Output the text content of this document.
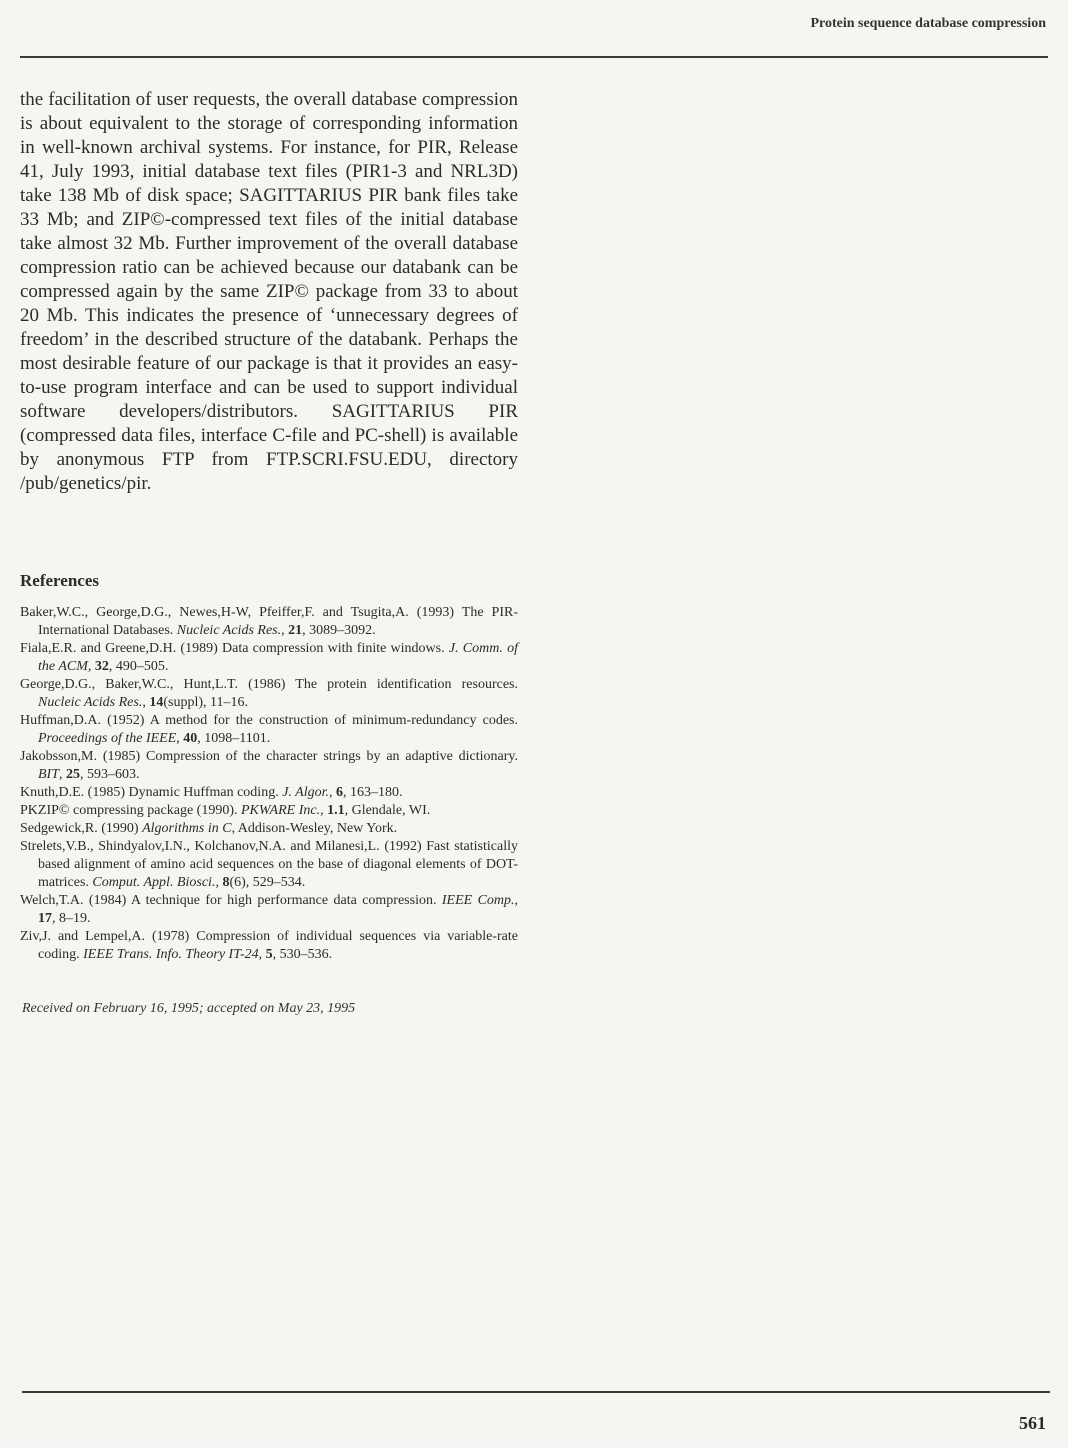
Protein sequence database compression

the facilitation of user requests, the overall database compression is about equivalent to the storage of corresponding information in well-known archival systems. For instance, for PIR, Release 41, July 1993, initial database text files (PIR1-3 and NRL3D) take 138 Mb of disk space; SAGITTARIUS PIR bank files take 33 Mb; and ZIP©-compressed text files of the initial database take almost 32 Mb. Further improvement of the overall database compression ratio can be achieved because our databank can be compressed again by the same ZIP© package from 33 to about 20 Mb. This indicates the presence of ‘unnecessary degrees of freedom’ in the described structure of the databank. Perhaps the most desirable feature of our package is that it provides an easy-to-use program interface and can be used to support individual software developers/distributors. SAGITTARIUS PIR (compressed data files, interface C-file and PC-shell) is available by anonymous FTP from FTP.SCRI.FSU.EDU, directory /pub/genetics/pir.

References
Baker,W.C., George,D.G., Newes,H-W, Pfeiffer,F. and Tsugita,A. (1993) The PIR-International Databases. Nucleic Acids Res., 21, 3089–3092.
Fiala,E.R. and Greene,D.H. (1989) Data compression with finite windows. J. Comm. of the ACM, 32, 490–505.
George,D.G., Baker,W.C., Hunt,L.T. (1986) The protein identification resources. Nucleic Acids Res., 14(suppl), 11–16.
Huffman,D.A. (1952) A method for the construction of minimum-redundancy codes. Proceedings of the IEEE, 40, 1098–1101.
Jakobsson,M. (1985) Compression of the character strings by an adaptive dictionary. BIT, 25, 593–603.
Knuth,D.E. (1985) Dynamic Huffman coding. J. Algor., 6, 163–180.
PKZIP© compressing package (1990). PKWARE Inc., 1.1, Glendale, WI.
Sedgewick,R. (1990) Algorithms in C, Addison-Wesley, New York.
Strelets,V.B., Shindyalov,I.N., Kolchanov,N.A. and Milanesi,L. (1992) Fast statistically based alignment of amino acid sequences on the base of diagonal elements of DOT-matrices. Comput. Appl. Biosci., 8(6), 529–534.
Welch,T.A. (1984) A technique for high performance data compression. IEEE Comp., 17, 8–19.
Ziv,J. and Lempel,A. (1978) Compression of individual sequences via variable-rate coding. IEEE Trans. Info. Theory IT-24, 5, 530–536.

Received on February 16, 1995; accepted on May 23, 1995

561
